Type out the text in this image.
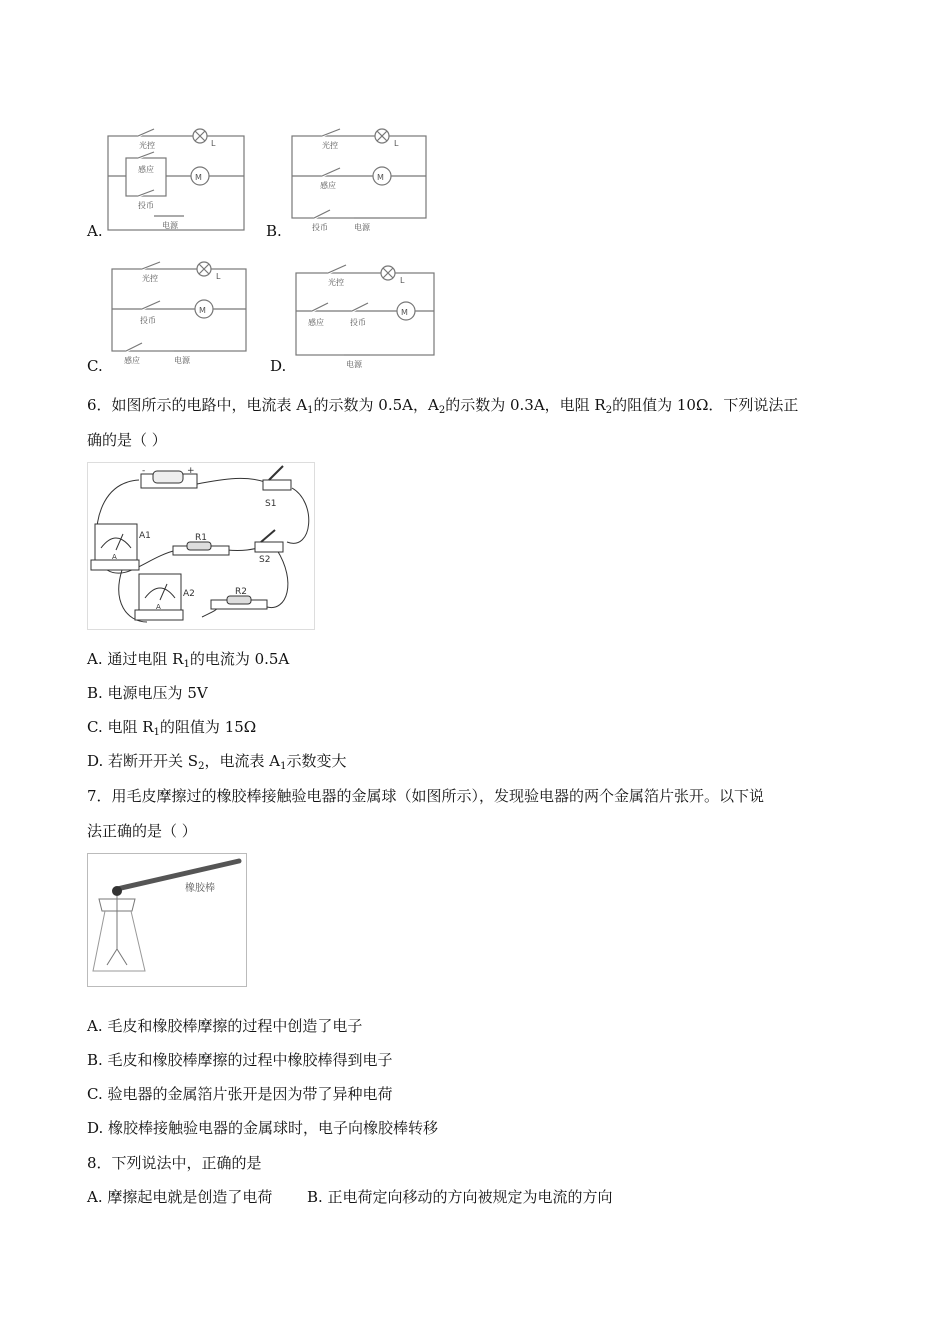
A.
光控
感应
投币
L
M
电源	B.
光控
感应
投币
L
M
电源
C.
光控
投币
感应
L
M
电源	D.
光控
感应	投币
L
M
电源
6．如图所示的电路中，电流表 $A_1$的示数为 0.5A，$A_2$的示数为 0.3A，电阻 $R_2$的阻值为 10Ω．下列说法正
确的是（ ）
-	+
S1
S2
R1
R2
A
A1
A
A2
A. 通过电阻 $R_1$的电流为 0.5A
B. 电源电压为 5V
C. 电阻 $R_1$的阻值为 15Ω
D. 若断开开关 $S_2$，电流表 $A_1$示数变大
7．用毛皮摩擦过的橡胶棒接触验电器的金属球（如图所示），发现验电器的两个金属箔片张开。以下说
法正确的是（ ）
橡胶棒
A. 毛皮和橡胶棒摩擦的过程中创造了电子
B. 毛皮和橡胶棒摩擦的过程中橡胶棒得到电子
C. 验电器的金属箔片张开是因为带了异种电荷
D. 橡胶棒接触验电器的金属球时，电子向橡胶棒转移
8．下列说法中，正确的是
A. 摩擦起电就是创造了电荷 B. 正电荷定向移动的方向被规定为电流的方向
